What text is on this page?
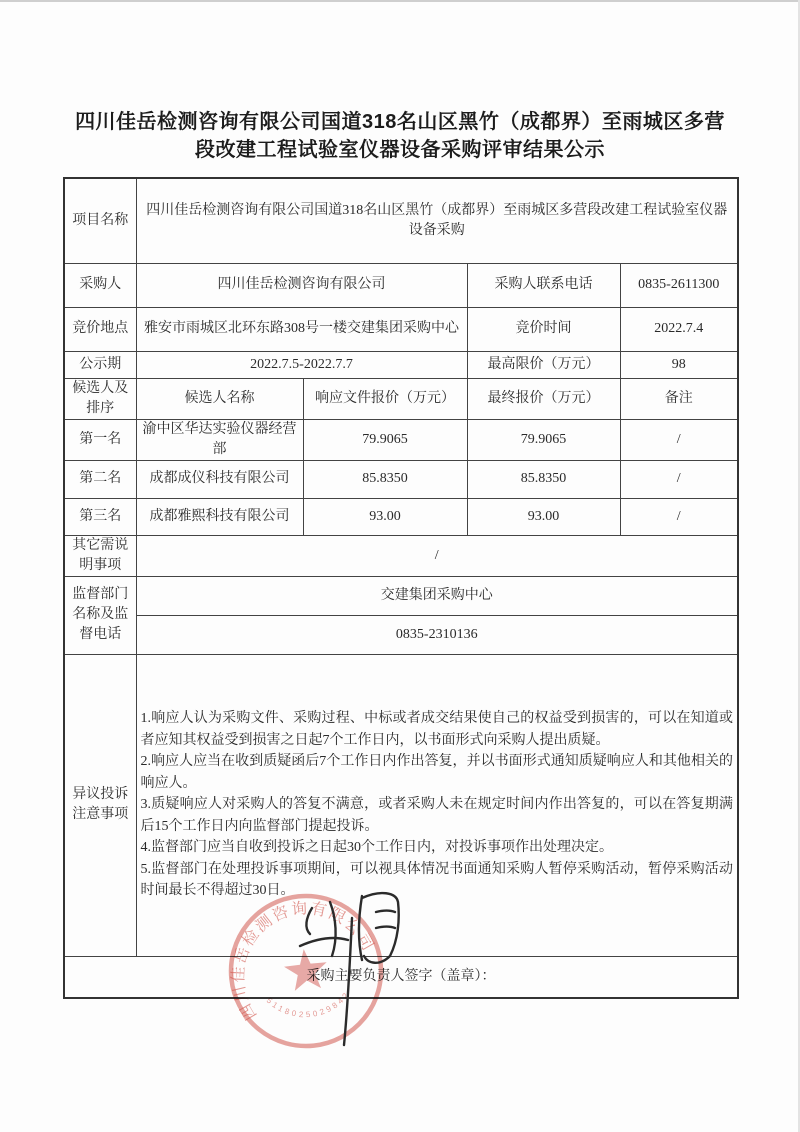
四川佳岳检测咨询有限公司国道318名山区黑竹（成都界）至雨城区多营
段改建工程试验室仪器设备采购评审结果公示
项目名称	四川佳岳检测咨询有限公司国道318名山区黑竹（成都界）至雨城区多营段改建工程试验室仪器设备采购			
采购人	四川佳岳检测咨询有限公司		采购人联系电话	0835-2611300
竞价地点	雅安市雨城区北环东路308号一楼交建集团采购中心		竞价时间	2022.7.4
公示期	2022.7.5-2022.7.7		最高限价（万元）	98
候选人及排序	候选人名称	响应文件报价（万元）	最终报价（万元）	备注
第一名	渝中区华达实验仪器经营部	79.9065	79.9065	/
第二名	成都成仪科技有限公司	85.8350	85.8350	/
第三名	成都雅熙科技有限公司	93.00	93.00	/
其它需说明事项	/			
监督部门名称及监督电话	交建集团采购中心			
	0835-2310136			
异议投诉注意事项	1.响应人认为采购文件、采购过程、中标或者成交结果使自己的权益受到损害的，可以在知道或者应知其权益受到损害之日起7个工作日内，以书面形式向采购人提出质疑。

2.响应人应当在收到质疑函后7个工作日内作出答复，并以书面形式通知质疑响应人和其他相关的响应人。

3.质疑响应人对采购人的答复不满意，或者采购人未在规定时间内作出答复的，可以在答复期满后15个工作日内向监督部门提起投诉。

4.监督部门应当自收到投诉之日起30个工作日内，对投诉事项作出处理决定。

5.监督部门在处理投诉事项期间，可以视具体情况书面通知采购人暂停采购活动，暂停采购活动时间最长不得超过30日。			

采购主要负责人签字（盖章）：				
四川佳岳检测咨询有限公司
5118025029842
